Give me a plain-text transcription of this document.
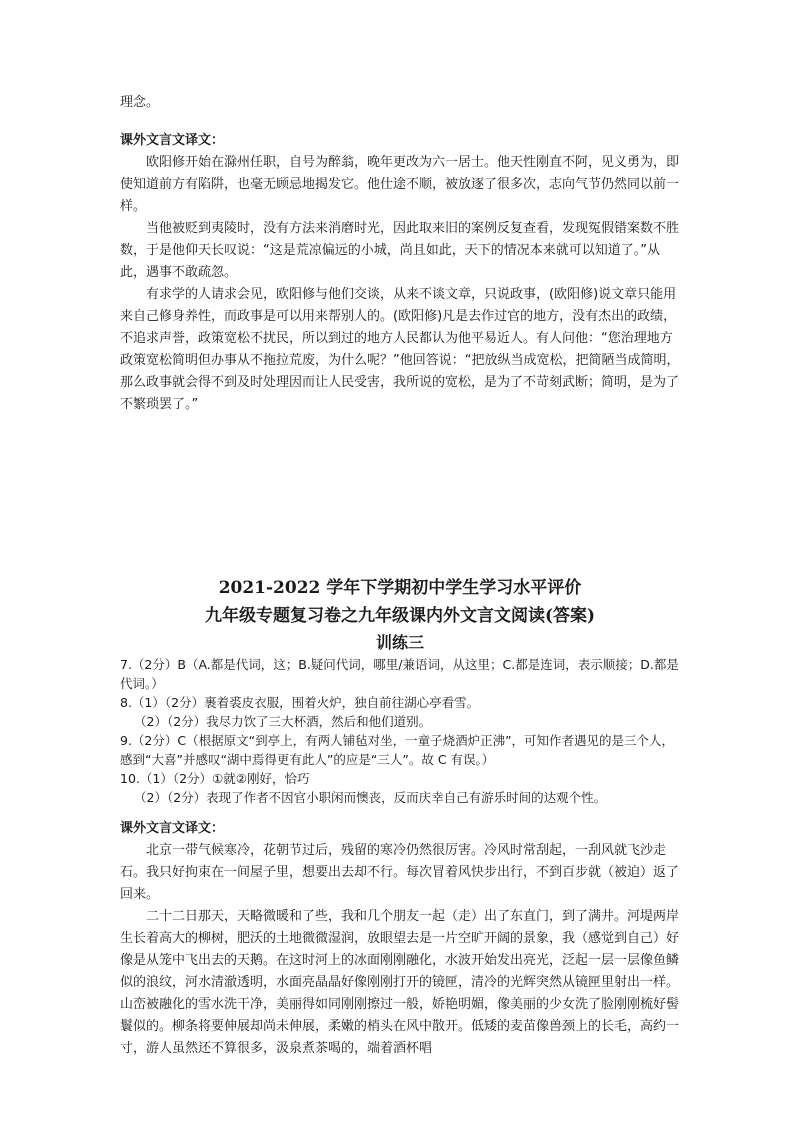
理念。

课外文言文译文：

欧阳修开始在滁州任职，自号为醉翁，晚年更改为六一居士。他天性刚直不阿，见义勇为，即使知道前方有陷阱，也毫无顾忌地揭发它。他仕途不顺，被放逐了很多次，志向气节仍然同以前一样。

当他被贬到夷陵时，没有方法来消磨时光，因此取来旧的案例反复查看，发现冤假错案数不胜数，于是他仰天长叹说：“这是荒凉偏远的小城，尚且如此，天下的情况本来就可以知道了。”从此，遇事不敢疏忽。

有求学的人请求会见，欧阳修与他们交谈，从来不谈文章，只说政事，(欧阳修)说文章只能用来自己修身养性，而政事是可以用来帮别人的。(欧阳修)凡是去作过官的地方，没有杰出的政绩，不追求声誉，政策宽松不扰民，所以到过的地方人民都认为他平易近人。有人问他：“您治理地方政策宽松简明但办事从不拖拉荒废，为什么呢？”他回答说：“把放纵当成宽松，把简陋当成简明，那么政事就会得不到及时处理因而让人民受害，我所说的宽松，是为了不苛刻武断；简明，是为了不繁琐罢了。”

2021-2022 学年下学期初中学生学习水平评价
九年级专题复习卷之九年级课内外文言文阅读(答案)
训练三

7.（2分）B（A.都是代词，这；B.疑问代词，哪里/兼语词，从这里；C.都是连词，表示顺接；D.都是代词。）

8.（1）（2分）裹着裘皮衣服，围着火炉，独自前往湖心亭看雪。

（2）（2分）我尽力饮了三大杯酒，然后和他们道别。

9.（2分）C（根据原文“到亭上，有两人铺毡对坐，一童子烧酒炉正沸”，可知作者遇见的是三个人，感到“大喜”并感叹“湖中焉得更有此人”的应是“三人”。故 C 有误。）

10.（1）（2分）①就②刚好，恰巧

（2）（2分）表现了作者不因官小职闲而懊丧，反而庆幸自己有游乐时间的达观个性。

课外文言文译文：

北京一带气候寒冷，花朝节过后，残留的寒冷仍然很厉害。冷风时常刮起，一刮风就飞沙走石。我只好拘束在一间屋子里，想要出去却不行。每次冒着风快步出行，不到百步就（被迫）返了回来。

二十二日那天，天略微暖和了些，我和几个朋友一起（走）出了东直门，到了满井。河堤两岸生长着高大的柳树，肥沃的土地微微湿润，放眼望去是一片空旷开阔的景象，我（感觉到自己）好像是从笼中飞出去的天鹅。在这时河上的冰面刚刚融化，水波开始发出亮光，泛起一层一层像鱼鳞似的浪纹，河水清澈透明，水面亮晶晶好像刚刚打开的镜匣，清冷的光辉突然从镜匣里射出一样。山峦被融化的雪水洗干净，美丽得如同刚刚擦过一般，娇艳明媚，像美丽的少女洗了脸刚刚梳好髻鬟似的。柳条将要伸展却尚未伸展，柔嫩的梢头在风中散开。低矮的麦苗像兽颈上的长毛，高约一寸，游人虽然还不算很多，汲泉煮茶喝的，端着酒杯唱
